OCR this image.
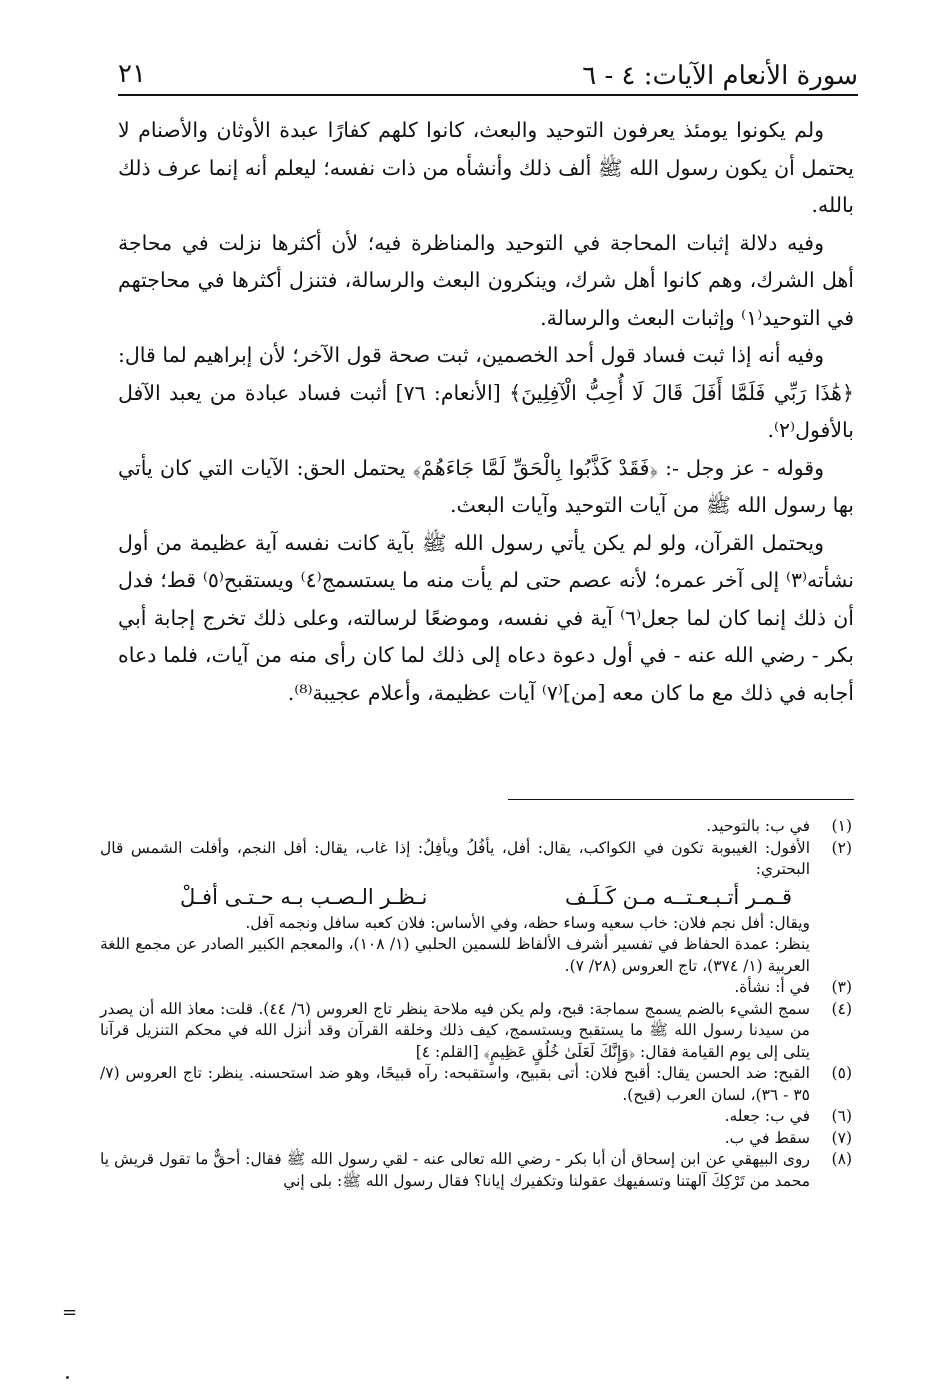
سورة الأنعام الآيات: ٤ - ٦
٢١

ولم يكونوا يومئذ يعرفون التوحيد والبعث، كانوا كلهم كفارًا عبدة الأوثان والأصنام لا يحتمل أن يكون رسول الله ﷺ ألف ذلك وأنشأه من ذات نفسه؛ ليعلم أنه إنما عرف ذلك بالله.

وفيه دلالة إثبات المحاجة في التوحيد والمناظرة فيه؛ لأن أكثرها نزلت في محاجة أهل الشرك، وهم كانوا أهل شرك، وينكرون البعث والرسالة، فتنزل أكثرها في محاجتهم في التوحيد⁽١⁾ وإثبات البعث والرسالة.

وفيه أنه إذا ثبت فساد قول أحد الخصمين، ثبت صحة قول الآخر؛ لأن إبراهيم لما قال: ﴿هَٰذَا رَبِّي فَلَمَّا أَفَلَ قَالَ لَا أُحِبُّ الْآفِلِينَ﴾ [الأنعام: ٧٦] أثبت فساد عبادة من يعبد الآفل بالأفول⁽٢⁾.

وقوله - عز وجل -: ﴿فَقَدْ كَذَّبُوا بِالْحَقِّ لَمَّا جَاءَهُمْ﴾ يحتمل الحق: الآيات التي كان يأتي بها رسول الله ﷺ من آيات التوحيد وآيات البعث.

ويحتمل القرآن، ولو لم يكن يأتي رسول الله ﷺ بآية كانت نفسه آية عظيمة من أول نشأته⁽٣⁾ إلى آخر عمره؛ لأنه عصم حتى لم يأت منه ما يستسمج⁽٤⁾ ويستقبح⁽٥⁾ قط؛ فدل أن ذلك إنما كان لما جعل⁽٦⁾ آية في نفسه، وموضعًا لرسالته، وعلى ذلك تخرج إجابة أبي بكر - رضي الله عنه - في أول دعوة دعاه إلى ذلك لما كان رأى منه من آيات، فلما دعاه أجابه في ذلك مع ما كان معه [من]⁽٧⁾ آيات عظيمة، وأعلام عجيبة⁽⁸⁾.

(١)
في ب: بالتوحيد.
(٢)
الأفول: الغيبوبة تكون في الكواكب، يقال: أفل، يأفُلُ ويأفِلُ: إذا غاب، يقال: أفل النجم، وأفلت الشمس قال البحتري:
قـمـر أتـبـعـتــه مـن كَـلَـف
نـظـر الـصـب بـه حـتـى أفـلْ
ويقال: أفل نجم فلان: خاب سعيه وساء حظه، وفي الأساس: فلان كعبه سافل ونجمه آفل.
ينظر: عمدة الحفاظ في تفسير أشرف الألفاظ للسمين الحلبي (١/ ١٠٨)، والمعجم الكبير الصادر عن مجمع اللغة العربية (١/ ٣٧٤)، تاج العروس (٢٨/ ٧).
(٣)
في أ: نشأة.
(٤)
سمج الشيء بالضم يسمج سماجة: قبح، ولم يكن فيه ملاحة ينظر تاج العروس (٦/ ٤٤). قلت: معاذ الله أن يصدر من سيدنا رسول الله ﷺ ما يستقبح ويستسمج، كيف ذلك وخلقه القرآن وقد أنزل الله في محكم التنزيل قرآنا يتلى إلى يوم القيامة فقال: ﴿وَإِنَّكَ لَعَلَىٰ خُلُقٍ عَظِيمٍ﴾ [القلم: ٤]
(٥)
القبح: ضد الحسن يقال: أقبح فلان: أتى بقبيح، واستقبحه: رآه قبيحًا، وهو ضد استحسنه. ينظر: تاج العروس (٧/ ٣٥ - ٣٦)، لسان العرب (قبح).
(٦)
في ب: جعله.
(٧)
سقط في ب.
(٨)
روى البيهقي عن ابن إسحاق أن أبا بكر - رضي الله تعالى عنه - لقي رسول الله ﷺ فقال: أحقٌّ ما تقول قريش يا محمد من تَرْكِكَ آلهتنا وتسفيهك عقولنا وتكفيرك إيانا؟ فقال رسول الله ﷺ: بلى إني
=
